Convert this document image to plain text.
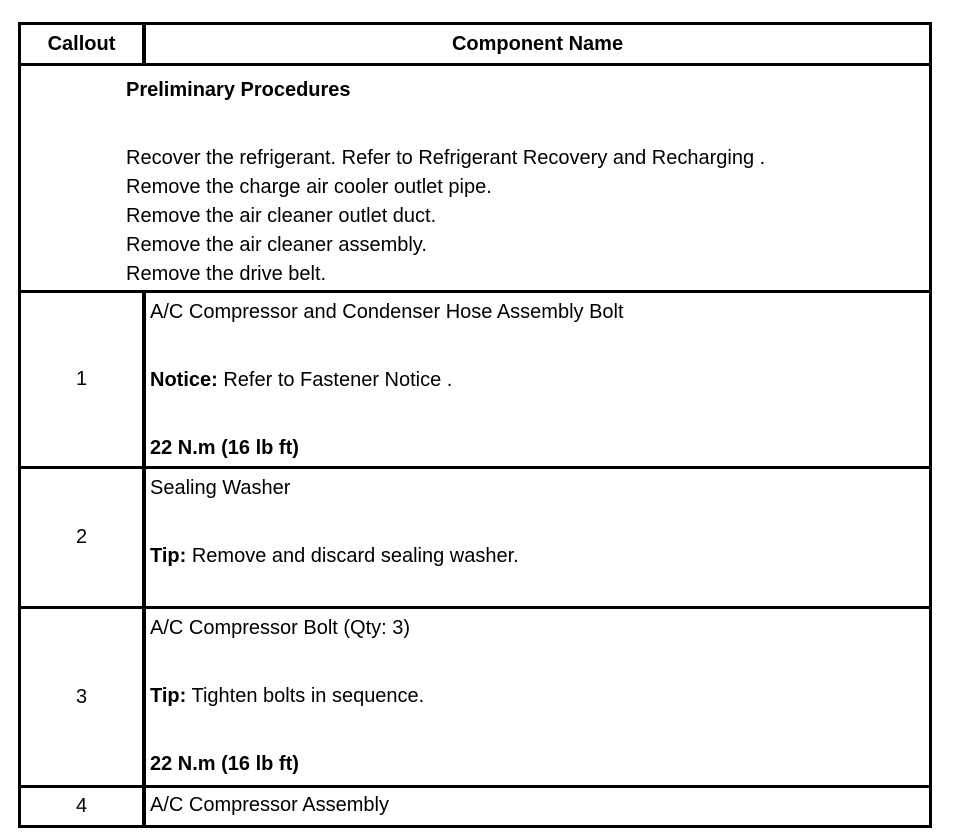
Callout	Component Name
Preliminary Procedures
Recover the refrigerant. Refer to Refrigerant Recovery and Recharging .
Remove the charge air cooler outlet pipe.
Remove the air cleaner outlet duct.
Remove the air cleaner assembly.
Remove the drive belt.
1
A/C Compressor and Condenser Hose Assembly Bolt
Notice: Refer to Fastener Notice .
22 N.m (16 lb ft)
2
Sealing Washer
Tip: Remove and discard sealing washer.
3
A/C Compressor Bolt (Qty: 3)
Tip: Tighten bolts in sequence.
22 N.m (16 lb ft)
4	A/C Compressor Assembly
